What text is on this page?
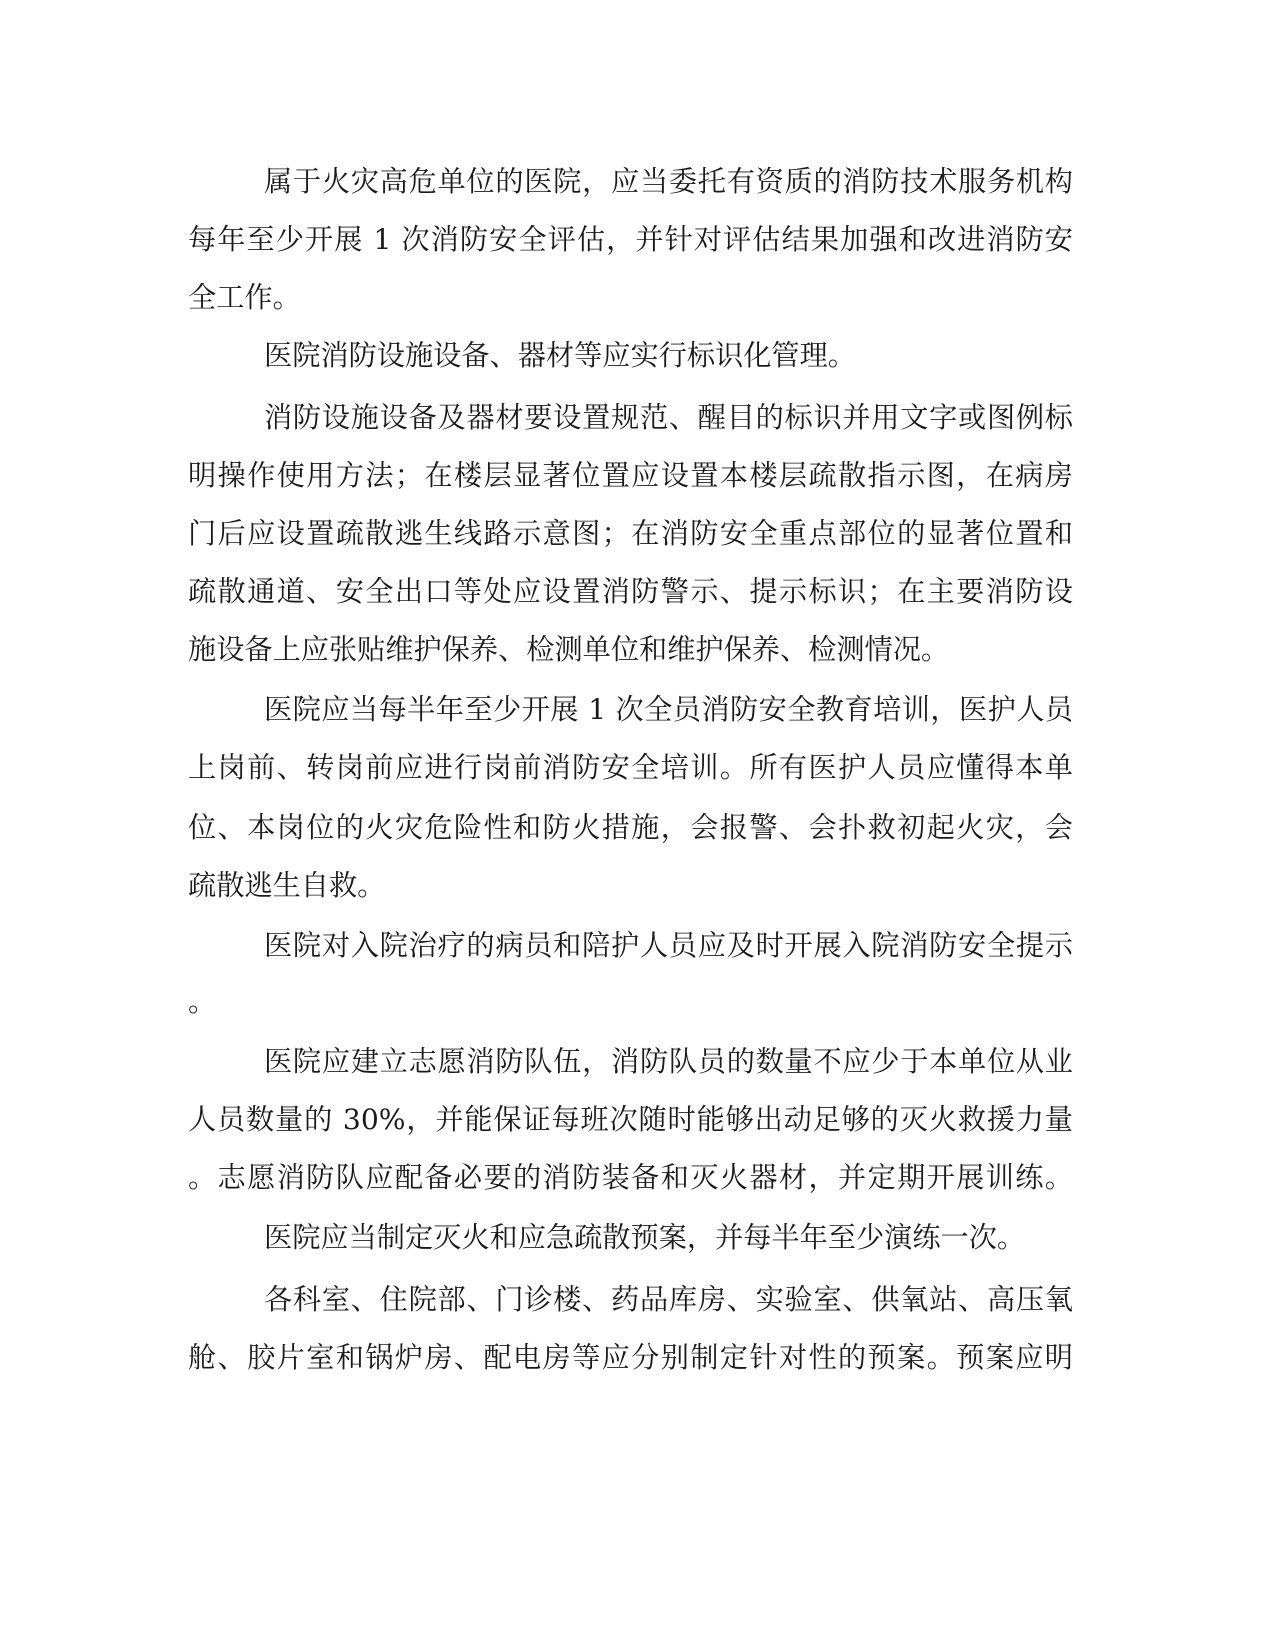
属于火灾高危单位的医院，应当委托有资质的消防技术服务机构
每年至少开展 1 次消防安全评估，并针对评估结果加强和改进消防安
全工作。
医院消防设施设备、器材等应实行标识化管理。
消防设施设备及器材要设置规范、醒目的标识并用文字或图例标
明操作使用方法；在楼层显著位置应设置本楼层疏散指示图，在病房
门后应设置疏散逃生线路示意图；在消防安全重点部位的显著位置和
疏散通道、安全出口等处应设置消防警示、提示标识；在主要消防设
施设备上应张贴维护保养、检测单位和维护保养、检测情况。
医院应当每半年至少开展 1 次全员消防安全教育培训，医护人员
上岗前、转岗前应进行岗前消防安全培训。所有医护人员应懂得本单
位、本岗位的火灾危险性和防火措施，会报警、会扑救初起火灾，会
疏散逃生自救。
医院对入院治疗的病员和陪护人员应及时开展入院消防安全提示
。
医院应建立志愿消防队伍，消防队员的数量不应少于本单位从业
人员数量的 30%，并能保证每班次随时能够出动足够的灭火救援力量
。志愿消防队应配备必要的消防装备和灭火器材，并定期开展训练。
医院应当制定灭火和应急疏散预案，并每半年至少演练一次。
各科室、住院部、门诊楼、药品库房、实验室、供氧站、高压氧
舱、胶片室和锅炉房、配电房等应分别制定针对性的预案。预案应明
